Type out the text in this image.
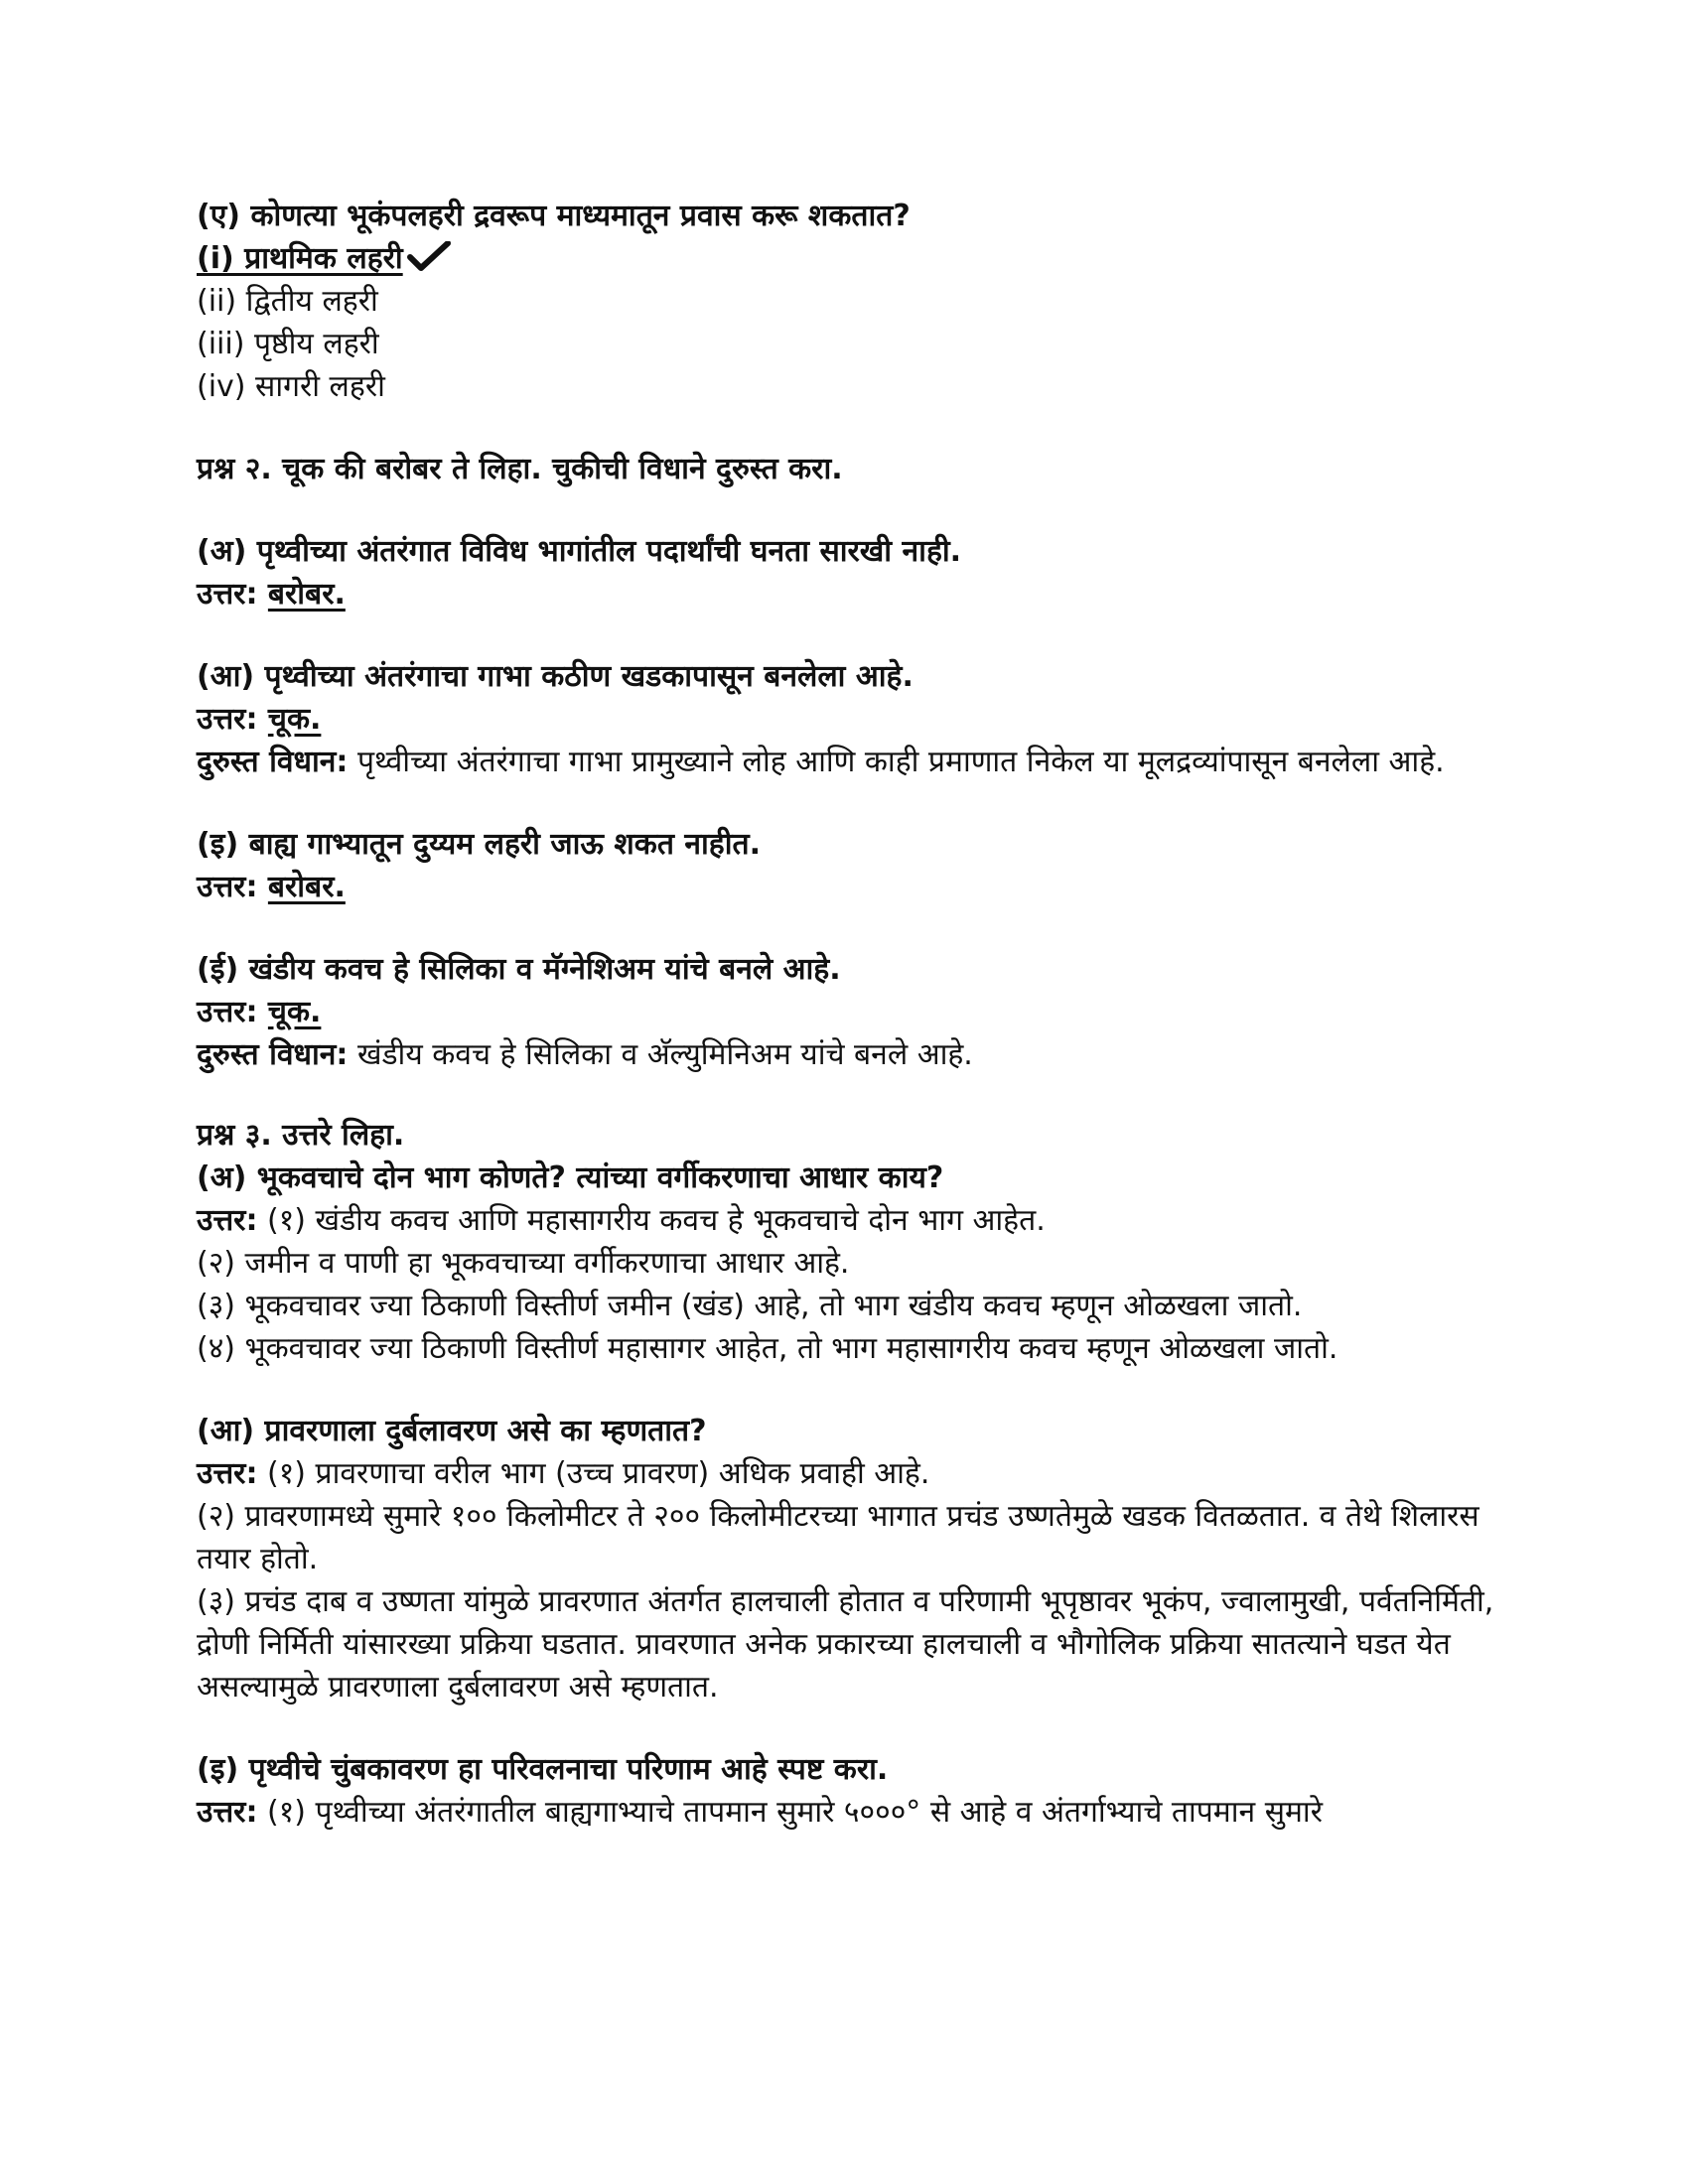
(ए) कोणत्या भूकंपलहरी द्रवरूप माध्यमातून प्रवास करू शकतात?

(i) प्राथमिक लहरी

(ii) द्वितीय लहरी

(iii) पृष्ठीय लहरी

(iv) सागरी लहरी

प्रश्न २. चूक की बरोबर ते लिहा. चुकीची विधाने दुरुस्त करा.

(अ) पृथ्वीच्या अंतरंगात विविध भागांतील पदार्थांची घनता सारखी नाही.

उत्तर: बरोबर.

(आ) पृथ्वीच्या अंतरंगाचा गाभा कठीण खडकापासून बनलेला आहे.

उत्तर: चूक.

दुरुस्त विधान: पृथ्वीच्या अंतरंगाचा गाभा प्रामुख्याने लोह आणि काही प्रमाणात निकेल या मूलद्रव्यांपासून बनलेला आहे.

(इ) बाह्य गाभ्यातून दुय्यम लहरी जाऊ शकत नाहीत.

उत्तर: बरोबर.

(ई) खंडीय कवच हे सिलिका व मॅग्नेशिअम यांचे बनले आहे.

उत्तर: चूक.

दुरुस्त विधान: खंडीय कवच हे सिलिका व अ‍ॅल्युमिनिअम यांचे बनले आहे.

प्रश्न ३. उत्तरे लिहा.

(अ) भूकवचाचे दोन भाग कोणते? त्यांच्या वर्गीकरणाचा आधार काय?

उत्तर: (१) खंडीय कवच आणि महासागरीय कवच हे भूकवचाचे दोन भाग आहेत.

(२) जमीन व पाणी हा भूकवचाच्या वर्गीकरणाचा आधार आहे.

(३) भूकवचावर ज्या ठिकाणी विस्तीर्ण जमीन (खंड) आहे, तो भाग खंडीय कवच म्हणून ओळखला जातो.

(४) भूकवचावर ज्या ठिकाणी विस्तीर्ण महासागर आहेत, तो भाग महासागरीय कवच म्हणून ओळखला जातो.

(आ) प्रावरणाला दुर्बलावरण असे का म्हणतात?

उत्तर: (१) प्रावरणाचा वरील भाग (उच्च प्रावरण) अधिक प्रवाही आहे.

(२) प्रावरणामध्ये सुमारे १०० किलोमीटर ते २०० किलोमीटरच्या भागात प्रचंड उष्णतेमुळे खडक वितळतात. व तेथे शिलारस तयार होतो.

(३) प्रचंड दाब व उष्णता यांमुळे प्रावरणात अंतर्गत हालचाली होतात व परिणामी भूपृष्ठावर भूकंप, ज्वालामुखी, पर्वतनिर्मिती, द्रोणी निर्मिती यांसारख्या प्रक्रिया घडतात. प्रावरणात अनेक प्रकारच्या हालचाली व भौगोलिक प्रक्रिया सातत्याने घडत येत असल्यामुळे प्रावरणाला दुर्बलावरण असे म्हणतात.

(इ) पृथ्वीचे चुंबकावरण हा परिवलनाचा परिणाम आहे स्पष्ट करा.

उत्तर: (१) पृथ्वीच्या अंतरंगातील बाह्यगाभ्याचे तापमान सुमारे ५०००° से आहे व अंतर्गाभ्याचे तापमान सुमारे
